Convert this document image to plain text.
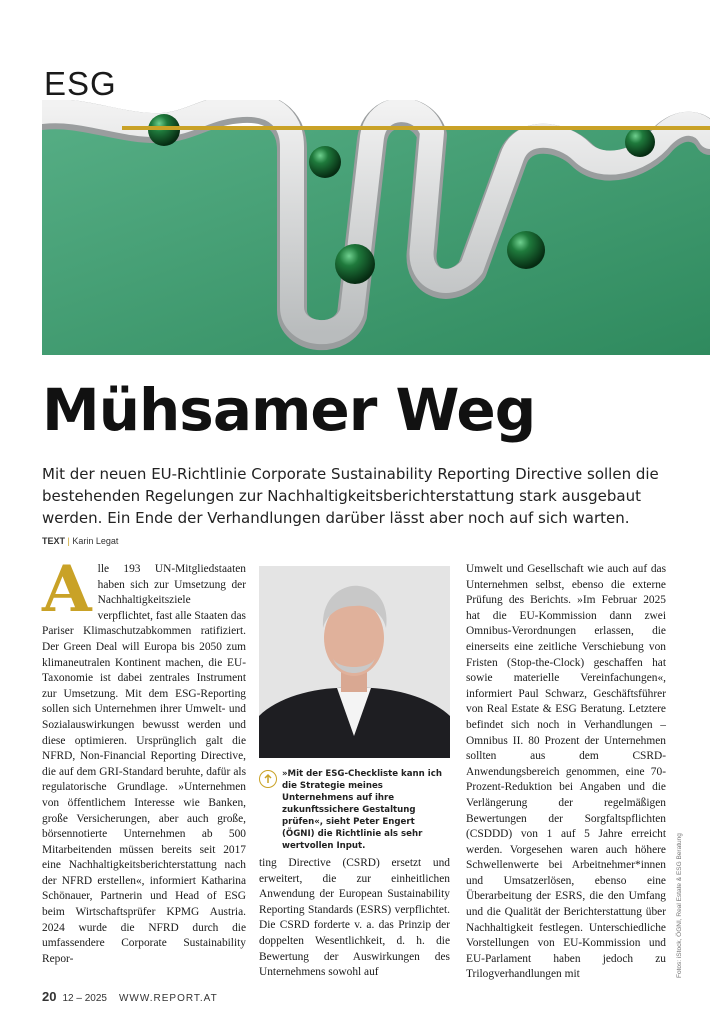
ESG
Mühsamer Weg
Mit der neuen EU-Richtlinie Corporate Sustainability Reporting Directive sollen die bestehenden Regelungen zur Nachhaltigkeitsberichterstattung stark ausgebaut werden. Ein Ende der Verhandlungen darüber lässt aber noch auf sich warten.
TEXT | Karin Legat
Alle 193 UN-Mitgliedstaaten haben sich zur Umsetzung der Nachhaltigkeitsziele verpflichtet, fast alle Staaten das Pariser Klimaschutzabkommen ratifiziert. Der Green Deal will Europa bis 2050 zum klimaneutralen Kontinent machen, die EU-Taxonomie ist dabei zentrales Instrument zur Umsetzung. Mit dem ESG-Reporting sollen sich Unternehmen ihrer Umwelt- und Sozialauswirkungen bewusst werden und diese optimieren. Ursprünglich galt die NFRD, Non-Financial Reporting Directive, die auf dem GRI-Standard beruhte, dafür als regulatorische Grundlage. »Unternehmen von öffentlichem Interesse wie Banken, große Versicherungen, aber auch große, börsennotierte Unternehmen ab 500 Mitarbeitenden müssen bereits seit 2017 eine Nachhaltigkeitsberichterstattung nach der NFRD erstellen«, informiert Katharina Schönauer, Partnerin und Head of ESG beim Wirtschaftsprüfer KPMG Austria. 2024 wurde die NFRD durch die umfassendere Corporate Sustainability Repor-
»Mit der ESG-Checkliste kann ich die Strategie meines Unternehmens auf ihre zukunftssichere Gestaltung prüfen«, sieht Peter Engert (ÖGNI) die Richtlinie als sehr wertvollen Input.
ting Directive (CSRD) ersetzt und erweitert, die zur einheitlichen Anwendung der European Sustainability Reporting Standards (ESRS) verpflichtet. Die CSRD forderte v. a. das Prinzip der doppelten Wesentlichkeit, d. h. die Bewertung der Auswirkungen des Unternehmens sowohl auf
Umwelt und Gesellschaft wie auch auf das Unternehmen selbst, ebenso die externe Prüfung des Berichts. »Im Februar 2025 hat die EU-Kommission dann zwei Omnibus-Verordnungen erlassen, die einerseits eine zeitliche Verschiebung von Fristen (Stop-the-Clock) geschaffen hat sowie materielle Vereinfachungen«, informiert Paul Schwarz, Geschäftsführer von Real Estate & ESG Beratung. Letztere befindet sich noch in Verhandlungen – Omnibus II. 80 Prozent der Unternehmen sollten aus dem CSRD-Anwendungsbereich genommen, eine 70-Prozent-Reduktion bei Angaben und die Verlängerung der regelmäßigen Bewertungen der Sorgfaltspflichten (CSDDD) von 1 auf 5 Jahre erreicht werden. Vorgesehen waren auch höhere Schwellenwerte bei Arbeitnehmer*innen und Umsatzerlösen, ebenso eine Überarbeitung der ESRS, die den Umfang und die Qualität der Berichterstattung über Nachhaltigkeit festlegen. Unterschiedliche Vorstellungen von EU-Kommission und EU-Parlament haben jedoch zu Trilogverhandlungen mit	Fotos: iStock, ÖGNI, Real Estate & ESG Beratung
20 12 – 2025 WWW.REPORT.AT
